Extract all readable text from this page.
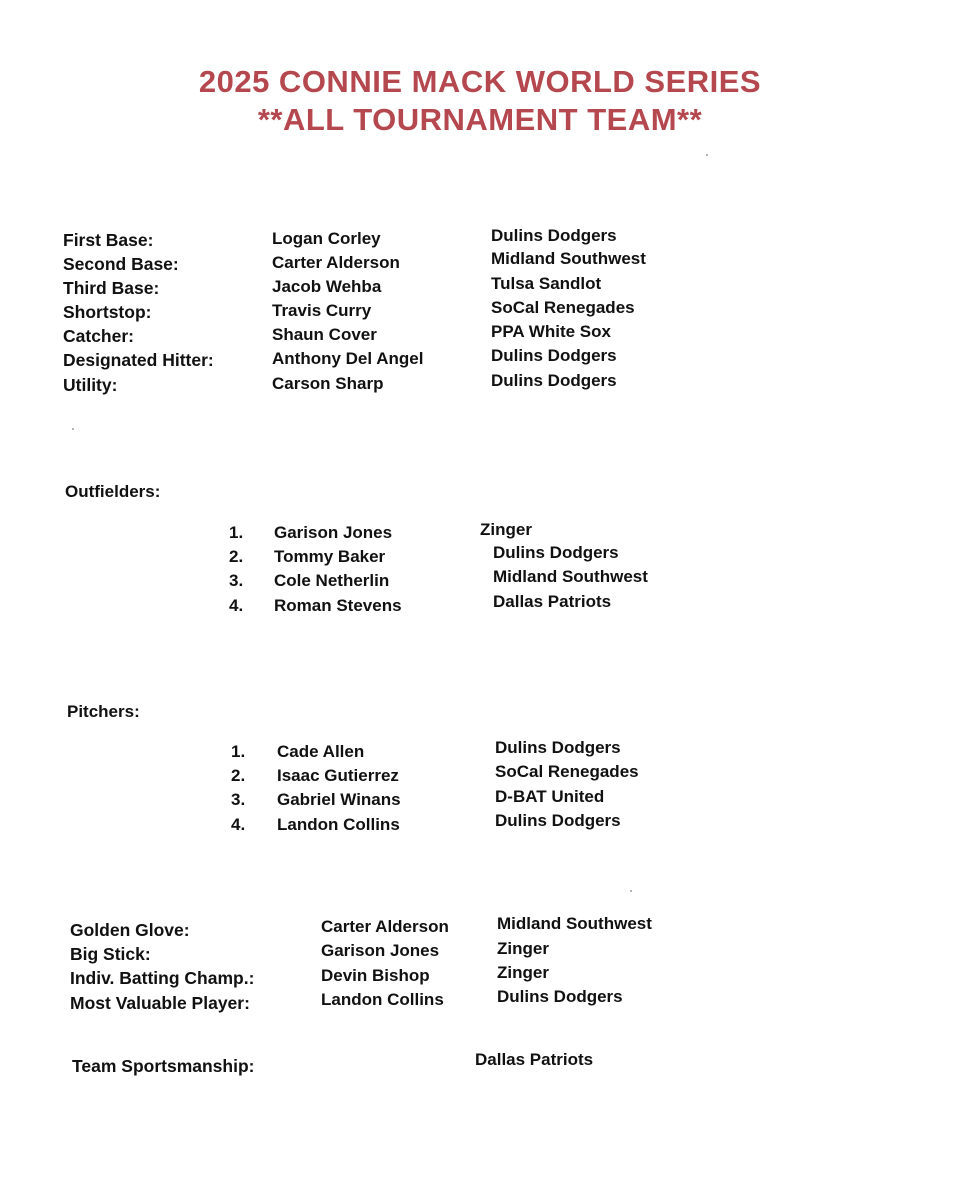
2025 CONNIE MACK WORLD SERIES
**ALL TOURNAMENT TEAM**
First Base:	Logan Corley	Dulins Dodgers
Second Base:	Carter Alderson	Midland Southwest
Third Base:	Jacob Wehba	Tulsa Sandlot
Shortstop:	Travis Curry	SoCal Renegades
Catcher:	Shaun Cover	PPA White Sox
Designated Hitter:	Anthony Del Angel	Dulins Dodgers
Utility:	Carson Sharp	Dulins Dodgers
Outfielders:
1. Garison Jones	Zinger
2. Tommy Baker	Dulins Dodgers
3. Cole Netherlin	Midland Southwest
4. Roman Stevens	Dallas Patriots
Pitchers:
1. Cade Allen	Dulins Dodgers
2. Isaac Gutierrez	SoCal Renegades
3. Gabriel Winans	D-BAT United
4. Landon Collins	Dulins Dodgers
Golden Glove:	Carter Alderson	Midland Southwest
Big Stick:	Garison Jones	Zinger
Indiv. Batting Champ.:	Devin Bishop	Zinger
Most Valuable Player:	Landon Collins	Dulins Dodgers
Team Sportsmanship:	Dallas Patriots
